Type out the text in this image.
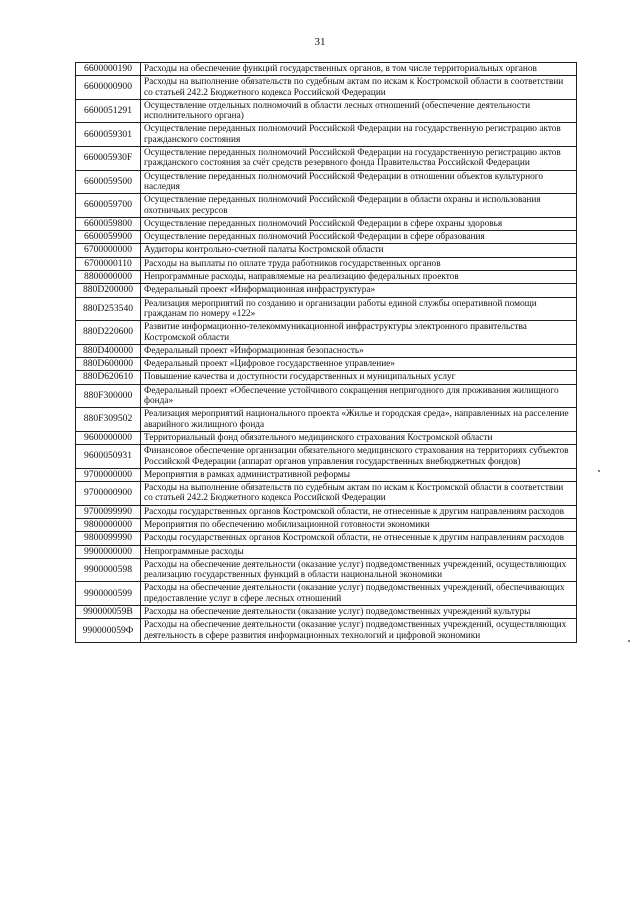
31
6600000190	Расходы на обеспечение функций государственных органов, в том числе территориальных органов
6600000900	Расходы на выполнение обязательств по судебным актам по искам к Костромской области в соответствии со статьей 242.2 Бюджетного кодекса Российской Федерации
6600051291	Осуществление отдельных полномочий в области лесных отношений (обеспечение деятельности исполнительного органа)
6600059301	Осуществление переданных полномочий Российской Федерации на государственную регистрацию актов гражданского состояния
660005930F	Осуществление переданных полномочий Российской Федерации на государственную регистрацию актов гражданского состояния за счёт средств резервного фонда Правительства Российской Федерации
6600059500	Осуществление переданных полномочий Российской Федерации в отношении объектов культурного наследия
6600059700	Осуществление переданных полномочий Российской Федерации в области охраны и использования охотничьих ресурсов
6600059800	Осуществление переданных полномочий Российской Федерации в сфере охраны здоровья
6600059900	Осуществление переданных полномочий Российской Федерации в сфере образования
6700000000	Аудиторы контрольно-счетной палаты Костромской области
6700000110	Расходы на выплаты по оплате труда работников государственных органов
8800000000	Непрограммные расходы, направляемые на реализацию федеральных проектов
880D200000	Федеральный проект «Информационная инфраструктура»
880D253540	Реализация мероприятий по созданию и организации работы единой службы оперативной помощи гражданам по номеру «122»
880D220600	Развитие информационно-телекоммуникационной инфраструктуры электронного правительства Костромской области
880D400000	Федеральный проект «Информационная безопасность»
880D600000	Федеральный проект «Цифровое государственное управление»
880D620610	Повышение качества и доступности государственных и муниципальных услуг
880F300000	Федеральный проект «Обеспечение устойчивого сокращения непригодного для проживания жилищного фонда»
880F309502	Реализация мероприятий национального проекта «Жилье и городская среда», направленных на расселение аварийного жилищного фонда
9600000000	Территориальный фонд обязательного медицинского страхования Костромской области
9600050931	Финансовое обеспечение организации обязательного медицинского страхования на территориях субъектов Российской Федерации (аппарат органов управления государственных внебюджетных фондов)
9700000000	Мероприятия в рамках административной реформы
9700000900	Расходы на выполнение обязательств по судебным актам по искам к Костромской области в соответствии со статьей 242.2 Бюджетного кодекса Российской Федерации
9700099990	Расходы государственных органов Костромской области, не отнесенные к другим направлениям расходов
9800000000	Мероприятия по обеспечению мобилизационной готовности экономики
9800099990	Расходы государственных органов Костромской области, не отнесенные к другим направлениям расходов
9900000000	Непрограммные расходы
9900000598	Расходы на обеспечение деятельности (оказание услуг) подведомственных учреждений, осуществляющих реализацию государственных функций в области национальной экономики
9900000599	Расходы на обеспечение деятельности (оказание услуг) подведомственных учреждений, обеспечивающих предоставление услуг в сфере лесных отношений
990000059В	Расходы на обеспечение деятельности (оказание услуг) подведомственных учреждений культуры
990000059Ф	Расходы на обеспечение деятельности (оказание услуг) подведомственных учреждений, осуществляющих деятельность в сфере развития информационных технологий и цифровой экономики
